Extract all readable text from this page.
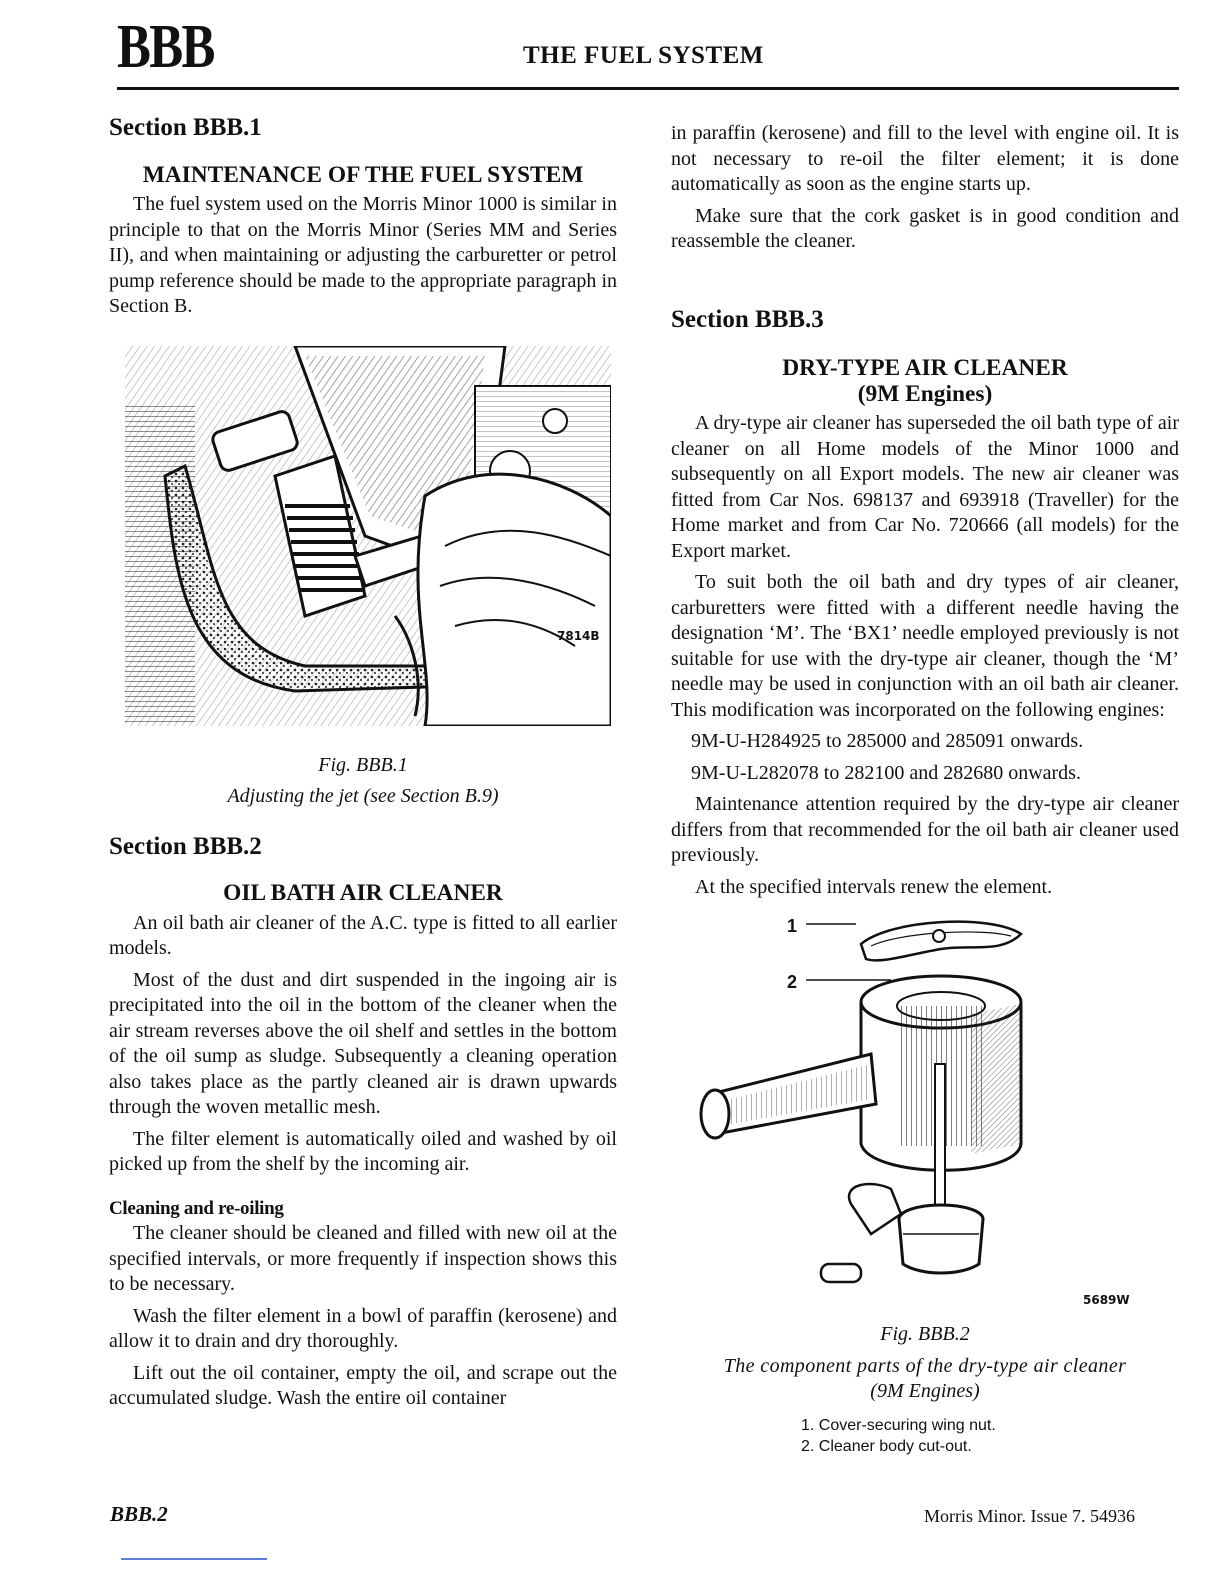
BBB	THE FUEL SYSTEM
Section BBB.1
MAINTENANCE OF THE FUEL SYSTEM

The fuel system used on the Morris Minor 1000 is similar in principle to that on the Morris Minor (Series MM and Series II), and when maintaining or adjusting the carburetter or petrol pump reference should be made to the appropriate paragraph in Section B.

7814B

Fig. BBB.1

Adjusting the jet (see Section B.9)

Section BBB.2
OIL BATH AIR CLEANER

An oil bath air cleaner of the A.C. type is fitted to all earlier models.

Most of the dust and dirt suspended in the ingoing air is precipitated into the oil in the bottom of the cleaner when the air stream reverses above the oil shelf and settles in the bottom of the oil sump as sludge. Subsequently a cleaning operation also takes place as the partly cleaned air is drawn upwards through the woven metallic mesh.

The filter element is automatically oiled and washed by oil picked up from the shelf by the incoming air.

Cleaning and re-oiling

The cleaner should be cleaned and filled with new oil at the specified intervals, or more frequently if inspection shows this to be necessary.

Wash the filter element in a bowl of paraffin (kerosene) and allow it to drain and dry thoroughly.

Lift out the oil container, empty the oil, and scrape out the accumulated sludge. Wash the entire oil container

in paraffin (kerosene) and fill to the level with engine oil. It is not necessary to re-oil the filter element; it is done automatically as soon as the engine starts up.

Make sure that the cork gasket is in good condition and reassemble the cleaner.

Section BBB.3
DRY-TYPE AIR CLEANER
(9M Engines)

A dry-type air cleaner has superseded the oil bath type of air cleaner on all Home models of the Minor 1000 and subsequently on all Export models. The new air cleaner was fitted from Car Nos. 698137 and 693918 (Traveller) for the Home market and from Car No. 720666 (all models) for the Export market.

To suit both the oil bath and dry types of air cleaner, carburetters were fitted with a different needle having the designation ‘M’. The ‘BX1’ needle employed previously is not suitable for use with the dry-type air cleaner, though the ‘M’ needle may be used in conjunction with an oil bath air cleaner. This modification was incorporated on the following engines:

9M-U-H284925 to 285000 and 285091 onwards.

9M-U-L282078 to 282100 and 282680 onwards.

Maintenance attention required by the dry-type air cleaner differs from that recommended for the oil bath air cleaner used previously.

At the specified intervals renew the element.

1
2
5689W

Fig. BBB.2

The component parts of the dry-type air cleaner

(9M Engines)

1. Cover-securing wing nut.
2. Cleaner body cut-out.
BBB.2	Morris Minor. Issue 7. 54936
